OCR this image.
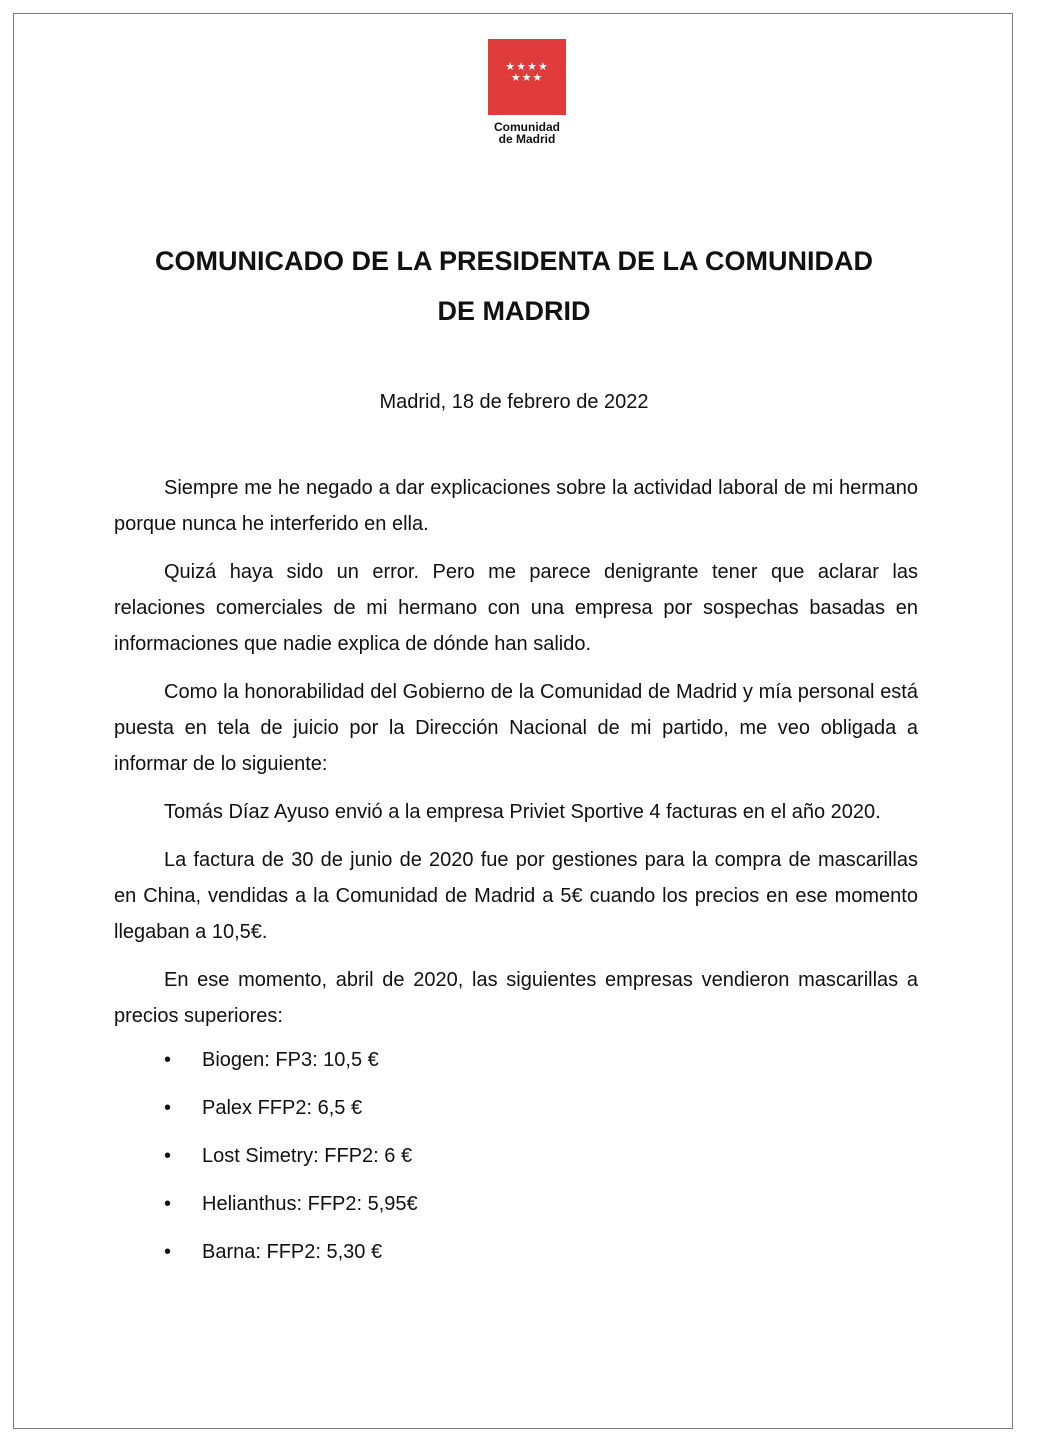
★★★★
★★★
Comunidad
de Madrid
COMUNICADO DE LA PRESIDENTA DE LA COMUNIDAD
DE MADRID
Madrid, 18 de febrero de 2022

Siempre me he negado a dar explicaciones sobre la actividad laboral de mi hermano porque nunca he interferido en ella.

Quizá haya sido un error. Pero me parece denigrante tener que aclarar las relaciones comerciales de mi hermano con una empresa por sospechas basadas en informaciones que nadie explica de dónde han salido.

Como la honorabilidad del Gobierno de la Comunidad de Madrid y mía personal está puesta en tela de juicio por la Dirección Nacional de mi partido, me veo obligada a informar de lo siguiente:

Tomás Díaz Ayuso envió a la empresa Priviet Sportive 4 facturas en el año 2020.

La factura de 30 de junio de 2020 fue por gestiones para la compra de mascarillas en China, vendidas a la Comunidad de Madrid a 5€ cuando los precios en ese momento llegaban a 10,5€.

En ese momento, abril de 2020, las siguientes empresas vendieron mascarillas a precios superiores:

• Biogen: FP3: 10,5 €
• Palex FFP2: 6,5 €
• Lost Simetry: FFP2: 6 €
• Helianthus: FFP2: 5,95€
• Barna: FFP2: 5,30 €
